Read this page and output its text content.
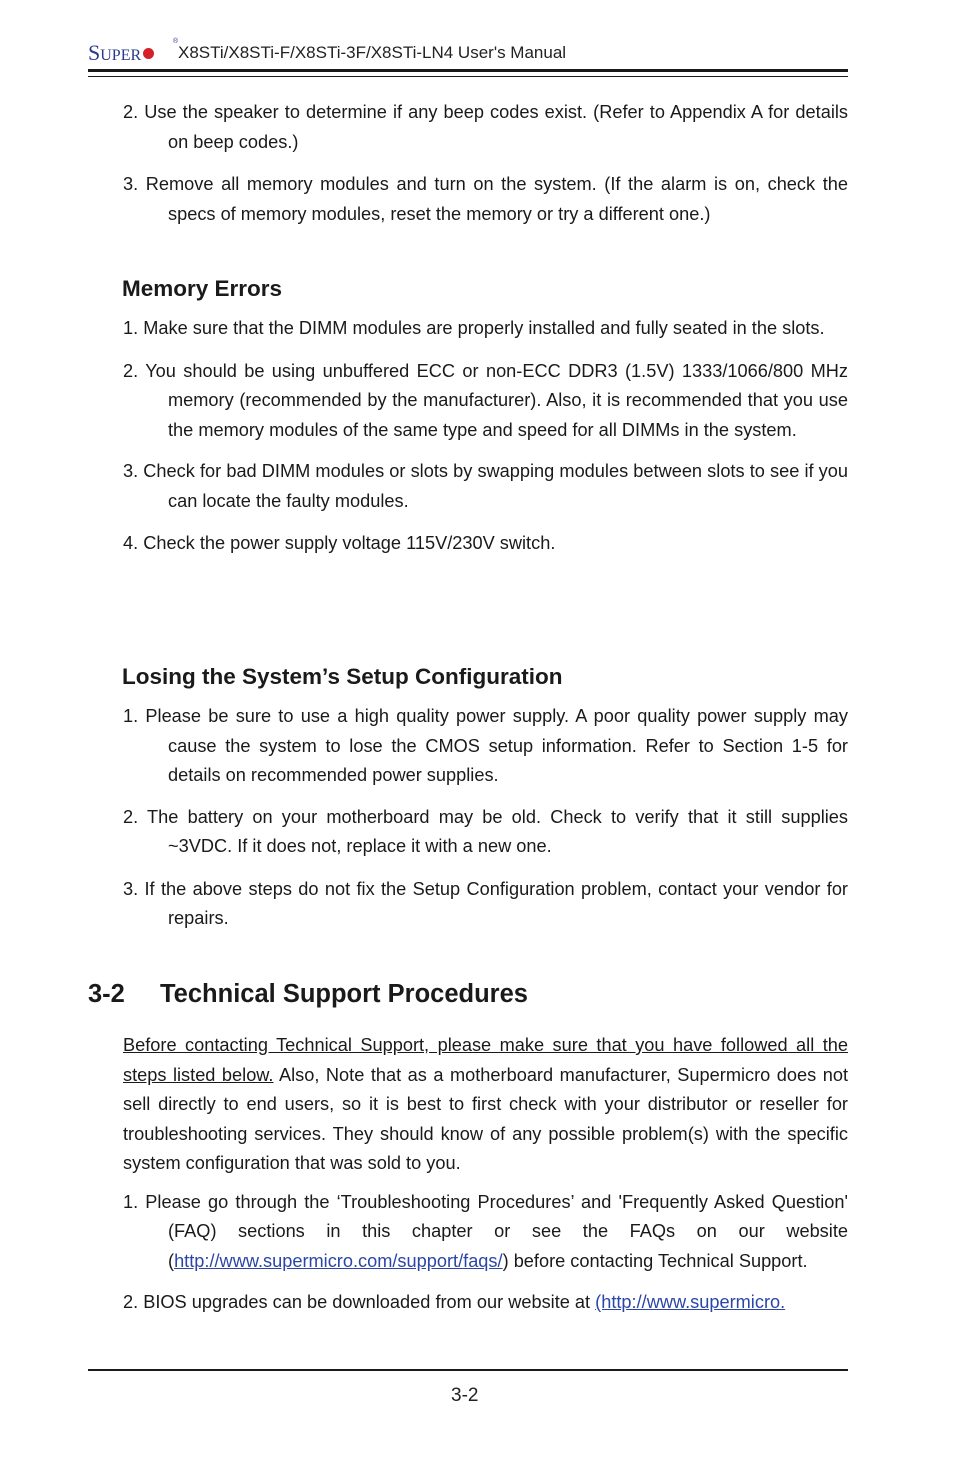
SUPER
®
X8STi/X8STi-F/X8STi-3F/X8STi-LN4 User's Manual
2. Use the speaker to determine if any beep codes exist. (Refer to Appendix A for details on beep codes.)
3. Remove all memory modules and turn on the system. (If the alarm is on, check the specs of memory modules, reset the memory or try a different one.)
Memory Errors
1. Make sure that the DIMM modules are properly installed and fully seated in the slots.
2. You should be using unbuffered ECC or non-ECC DDR3 (1.5V) 1333/1066/800 MHz memory (recommended by the manufacturer). Also, it is recommended that you use the memory modules of the same type and speed for all DIMMs in the system.
3. Check for bad DIMM modules or slots by swapping modules between slots to see if you can locate the faulty modules.
4. Check the power supply voltage 115V/230V switch.
Losing the System’s Setup Configuration
1. Please be sure to use a high quality power supply. A poor quality power supply may cause the system to lose the CMOS setup information. Refer to Section 1-5 for details on recommended power supplies.
2. The battery on your motherboard may be old. Check to verify that it still supplies ~3VDC. If it does not, replace it with a new one.
3. If the above steps do not fix the Setup Configuration problem, contact your vendor for repairs.
3-2 Technical Support Procedures
Before contacting Technical Support, please make sure that you have followed all the steps listed below. Also, Note that as a motherboard manufacturer, Supermicro does not sell directly to end users, so it is best to first check with your distributor or reseller for troubleshooting services. They should know of any possible problem(s) with the specific system configuration that was sold to you.
1. Please go through the ‘Troubleshooting Procedures’ and 'Frequently Asked Question' (FAQ) sections in this chapter or see the FAQs on our website (http://www.supermicro.com/support/faqs/) before contacting Technical Support.
2. BIOS upgrades can be downloaded from our website at (http://www.supermicro.
3-2
